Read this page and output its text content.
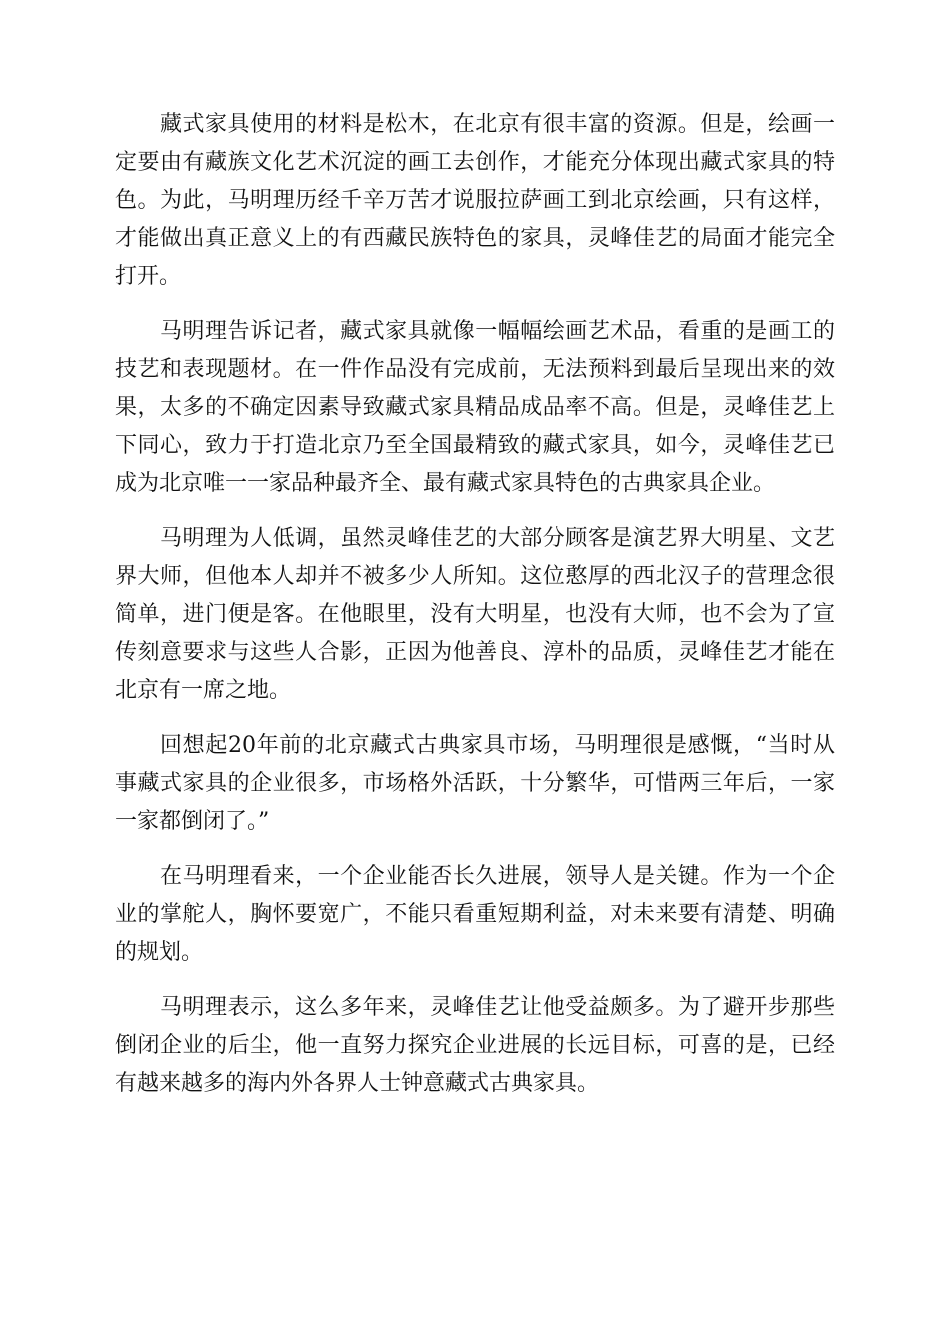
藏式家具使用的材料是松木，在北京有很丰富的资源。但是，绘画一定要由有藏族文化艺术沉淀的画工去创作，才能充分体现出藏式家具的特色。为此，马明理历经千辛万苦才说服拉萨画工到北京绘画，只有这样，才能做出真正意义上的有西藏民族特色的家具，灵峰佳艺的局面才能完全打开。

马明理告诉记者，藏式家具就像一幅幅绘画艺术品，看重的是画工的技艺和表现题材。在一件作品没有完成前，无法预料到最后呈现出来的效果，太多的不确定因素导致藏式家具精品成品率不高。但是，灵峰佳艺上下同心，致力于打造北京乃至全国最精致的藏式家具，如今，灵峰佳艺已成为北京唯一一家品种最齐全、最有藏式家具特色的古典家具企业。

马明理为人低调，虽然灵峰佳艺的大部分顾客是演艺界大明星、文艺界大师，但他本人却并不被多少人所知。这位憨厚的西北汉子的营理念很简单，进门便是客。在他眼里，没有大明星，也没有大师，也不会为了宣传刻意要求与这些人合影，正因为他善良、淳朴的品质，灵峰佳艺才能在北京有一席之地。

回想起20年前的北京藏式古典家具市场，马明理很是感慨，“当时从事藏式家具的企业很多，市场格外活跃，十分繁华，可惜两三年后，一家一家都倒闭了。”

在马明理看来，一个企业能否长久进展，领导人是关键。作为一个企业的掌舵人，胸怀要宽广，不能只看重短期利益，对未来要有清楚、明确的规划。

马明理表示，这么多年来，灵峰佳艺让他受益颇多。为了避开步那些倒闭企业的后尘，他一直努力探究企业进展的长远目标，可喜的是，已经有越来越多的海内外各界人士钟意藏式古典家具。
